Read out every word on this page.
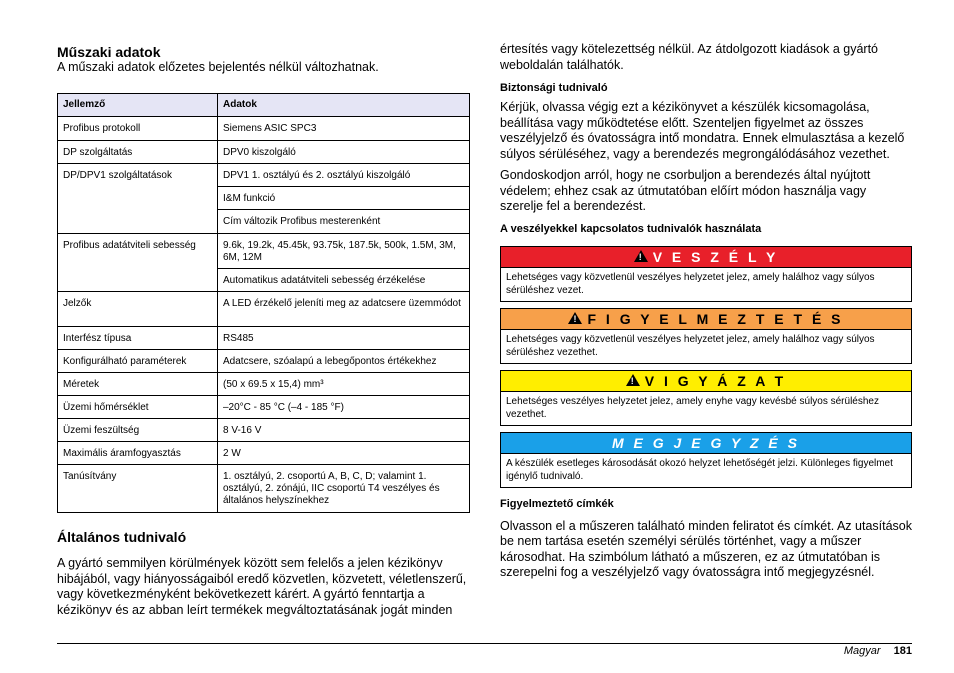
Műszaki adatok

A műszaki adatok előzetes bejelentés nélkül változhatnak.

Jellemző	Adatok
Profibus protokoll	Siemens ASIC SPC3
DP szolgáltatás	DPV0 kiszolgáló
DP/DPV1 szolgáltatások	DPV1 1. osztályú és 2. osztályú kiszolgáló
	I&M funkció
	Cím változik Profibus mesterenként
Profibus adatátviteli sebesség	9.6k, 19.2k, 45.45k, 93.75k, 187.5k, 500k, 1.5M, 3M, 6M, 12M
	Automatikus adatátviteli sebesség érzékelése
Jelzők	A LED érzékelő jeleníti meg az adatcsere üzemmódot
Interfész típusa	RS485
Konfigurálható paraméterek	Adatcsere, szóalapú a lebegőpontos értékekhez
Méretek	(50 x 69.5 x 15,4) mm³
Üzemi hőmérséklet	–20°C - 85 °C (–4 - 185 °F)
Üzemi feszültség	8 V-16 V
Maximális áramfogyasztás	2 W
Tanúsítvány	1. osztályú, 2. csoportú A, B, C, D; valamint 1. osztályú, 2. zónájú, IIC csoportú T4 veszélyes és általános helyszínekhez
Általános tudnivaló

A gyártó semmilyen körülmények között sem felelős a jelen kézikönyv hibájából, vagy hiányosságaiból eredő közvetlen, közvetett, véletlenszerű, vagy következményként bekövetkezett kárért. A gyártó fenntartja a kézikönyv és az abban leírt termékek megváltoztatásának jogát minden

értesítés vagy kötelezettség nélkül. Az átdolgozott kiadások a gyártó weboldalán találhatók.

Biztonsági tudnivaló

Kérjük, olvassa végig ezt a kézikönyvet a készülék kicsomagolása, beállítása vagy működtetése előtt. Szenteljen figyelmet az összes veszélyjelző és óvatosságra intő mondatra. Ennek elmulasztása a kezelő súlyos sérüléséhez, vagy a berendezés megrongálódásához vezethet.

Gondoskodjon arról, hogy ne csorbuljon a berendezés által nyújtott védelem; ehhez csak az útmutatóban előírt módon használja vagy szerelje fel a berendezést.

A veszélyekkel kapcsolatos tudnivalók használata
!
V E S Z É L Y
Lehetséges vagy közvetlenül veszélyes helyzetet jelez, amely halálhoz vagy súlyos sérüléshez vezet.
!
F I G Y E L M E Z T E T É S
Lehetséges vagy közvetlenül veszélyes helyzetet jelez, amely halálhoz vagy súlyos sérüléshez vezethet.
!
V I G Y Á Z A T
Lehetséges veszélyes helyzetet jelez, amely enyhe vagy kevésbé súlyos sérüléshez vezethet.
M E G J E G Y Z É S
A készülék esetleges károsodását okozó helyzet lehetőségét jelzi. Különleges figyelmet igénylő tudnivaló.
Figyelmeztető címkék

Olvasson el a műszeren található minden feliratot és címkét. Az utasítások be nem tartása esetén személyi sérülés történhet, vagy a műszer károsodhat. Ha szimbólum látható a műszeren, ez az útmutatóban is szerepelni fog a veszélyjelző vagy óvatosságra intő megjegyzésnél.

Magyar 181
